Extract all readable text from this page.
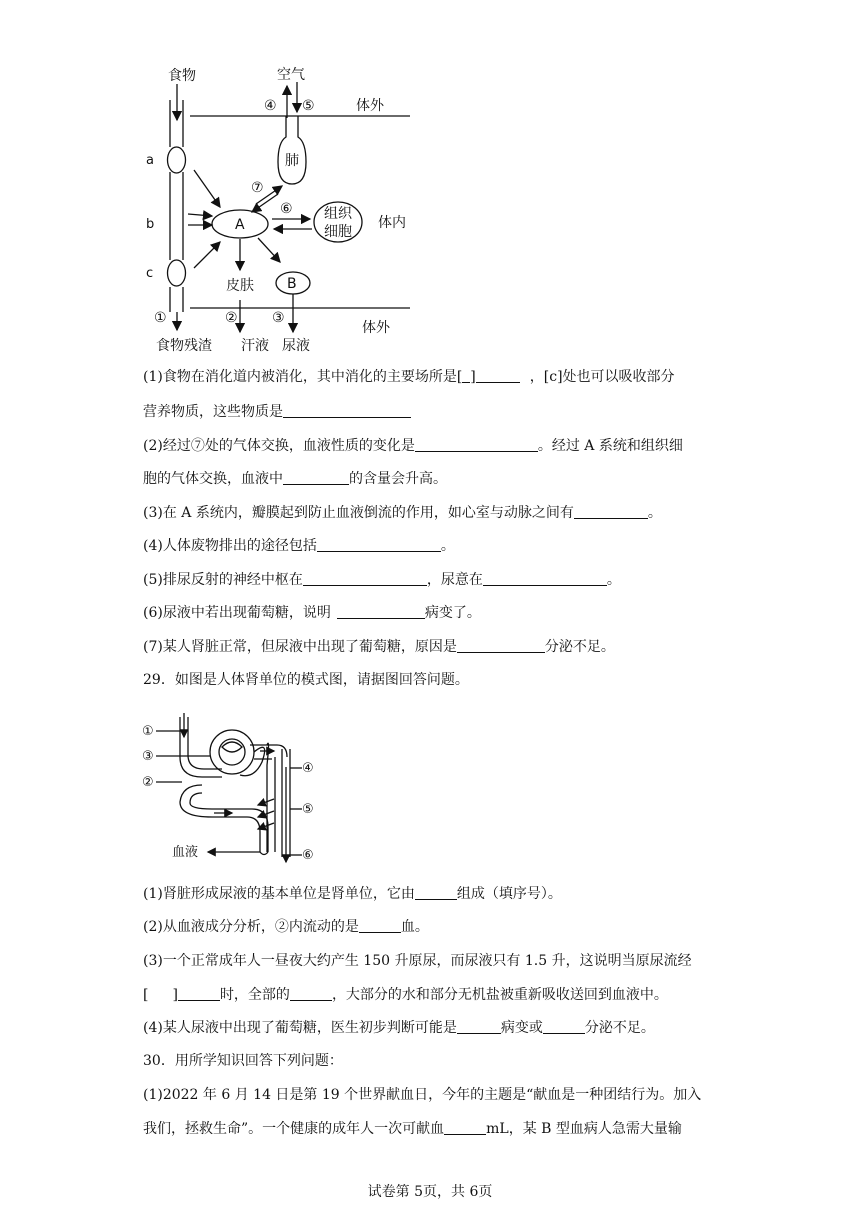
食物	空气
④ ⑤	体外
肺
a
b
c
⑦
⑥
A
组织
细胞
体内
皮肤 B
体外
①	② ③
食物残渣 汗液 尿液
(1)食物在消化道内被消化，其中消化的主要场所是[ ]	，[c]处也可以吸收部分
营养物质，这些物质是
(2)经过⑦处的气体交换，血液性质的变化是	。经过 A 系统和组织细
胞的气体交换，血液中	的含量会升高。
(3)在 A 系统内，瓣膜起到防止血液倒流的作用，如心室与动脉之间有	。
(4)人体废物排出的途径包括	。
(5)排尿反射的神经中枢在	，尿意在	。
(6)尿液中若出现葡萄糖，说明	病变了。
(7)某人肾脏正常，但尿液中出现了葡萄糖，原因是	分泌不足。
29．如图是人体肾单位的模式图，请据图回答问题。
①
③
②
④
⑤
⑥
血液
(1)肾脏形成尿液的基本单位是肾单位，它由	组成（填序号）。
(2)从血液成分分析，②内流动的是	血。
(3)一个正常成年人一昼夜大约产生 150 升原尿，而尿液只有 1.5 升，这说明当原尿流经
[ ]	时，全部的	，大部分的水和部分无机盐被重新吸收送回到血液中。
(4)某人尿液中出现了葡萄糖，医生初步判断可能是	病变或	分泌不足。
30．用所学知识回答下列问题：
(1)2022 年 6 月 14 日是第 19 个世界献血日，今年的主题是“献血是一种团结行为。加入
我们，拯救生命”。一个健康的成年人一次可献血	mL，某 B 型血病人急需大量输
试卷第 5页，共 6页
